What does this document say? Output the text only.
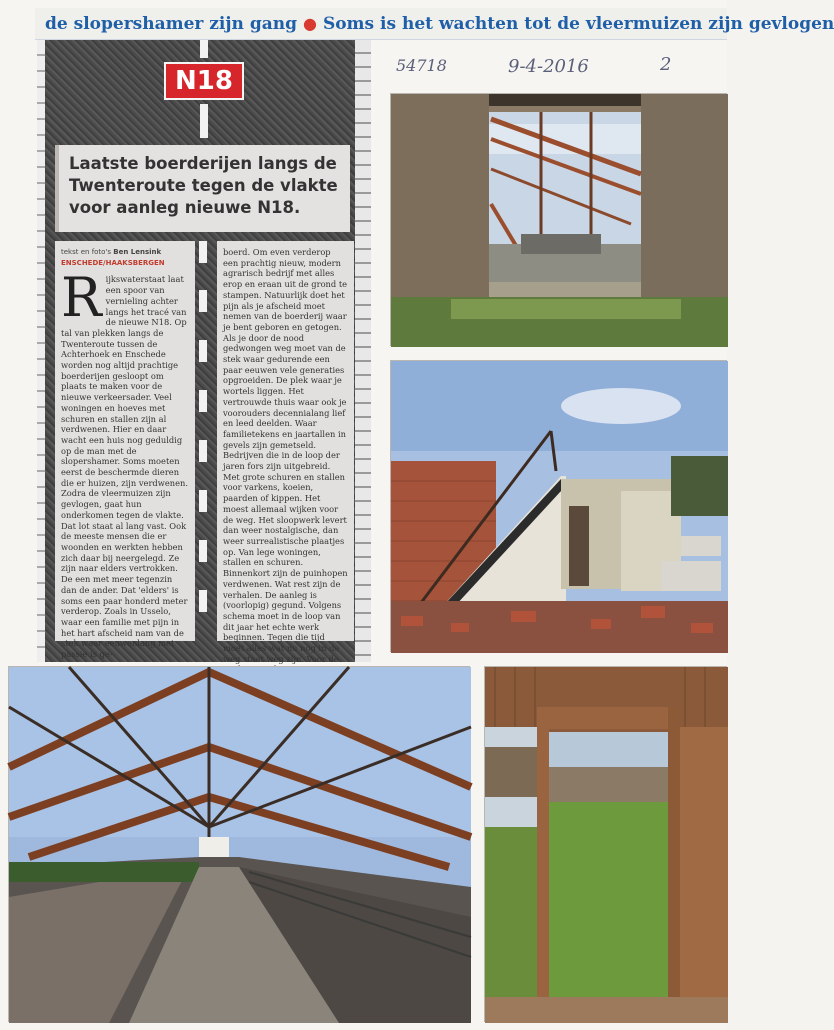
de slopershamer zijn gang ● Soms is het wachten tot de vleermuizen zijn gevlogen
N18
Laatste boerderijen langs de Twenteroute tegen de vlakte voor aanleg nieuwe N18.
tekst en foto's Ben Lensink
ENSCHEDE/HAAKSBERGEN
R ijkswaterstaat laat een spoor van vernieling achter langs het tracé van de nieuwe N18. Op tal van plekken langs de Twenteroute tussen de Achterhoek en Enschede worden nog altijd prachtige boerderijen gesloopt om plaats te maken voor de nieuwe verkeersader. Veel woningen en hoeves met schuren en stallen zijn al verdwenen. Hier en daar wacht een huis nog geduldig op de man met de slopershamer. Soms moeten eerst de beschermde dieren die er huizen, zijn verdwenen. Zodra de vleermuizen zijn gevlogen, gaat hun onderkomen tegen de vlakte. Dat lot staat al lang vast. Ook de meeste mensen die er woonden en werkten hebben zich daar bij neergelegd. Ze zijn naar elders vertrokken. De een met meer tegenzin dan de ander. Dat 'elders' is soms een paar honderd meter verderop. Zoals in Usselo, waar een familie met pijn in het hart afscheid nam van de stek waar eeuwenlang met passie is ge-
boerd. Om even verderop een prachtig nieuw, modern agrarisch bedrijf met alles erop en eraan uit de grond te stampen. Natuurlijk doet het pijn als je afscheid moet nemen van de boerderij waar je bent geboren en getogen. Als je door de nood gedwongen weg moet van de stek waar gedurende een paar eeuwen vele generaties opgroeiden. De plek waar je wortels liggen. Het vertrouwde thuis waar ook je voorouders decennialang lief en leed deelden. Waar familietekens en jaartallen in gevels zijn gemetseld. Bedrijven die in de loop der jaren fors zijn uitgebreid. Met grote schuren en stallen voor varkens, koeien, paarden of kippen. Het moest allemaal wijken voor de weg. Het sloopwerk levert dan weer nostalgische, dan weer surrealistische plaatjes op. Van lege woningen, stallen en schuren. Binnenkort zijn de puinhopen verdwenen. Wat rest zijn de verhalen. De aanleg is (voorlopig) gegund. Volgens schema moet in de loop van dit jaar het echte werk beginnen. Tegen die tijd moet alles wat nu nog in de weg staat weg zijn. Voor de
54718	9-4-2016	2
